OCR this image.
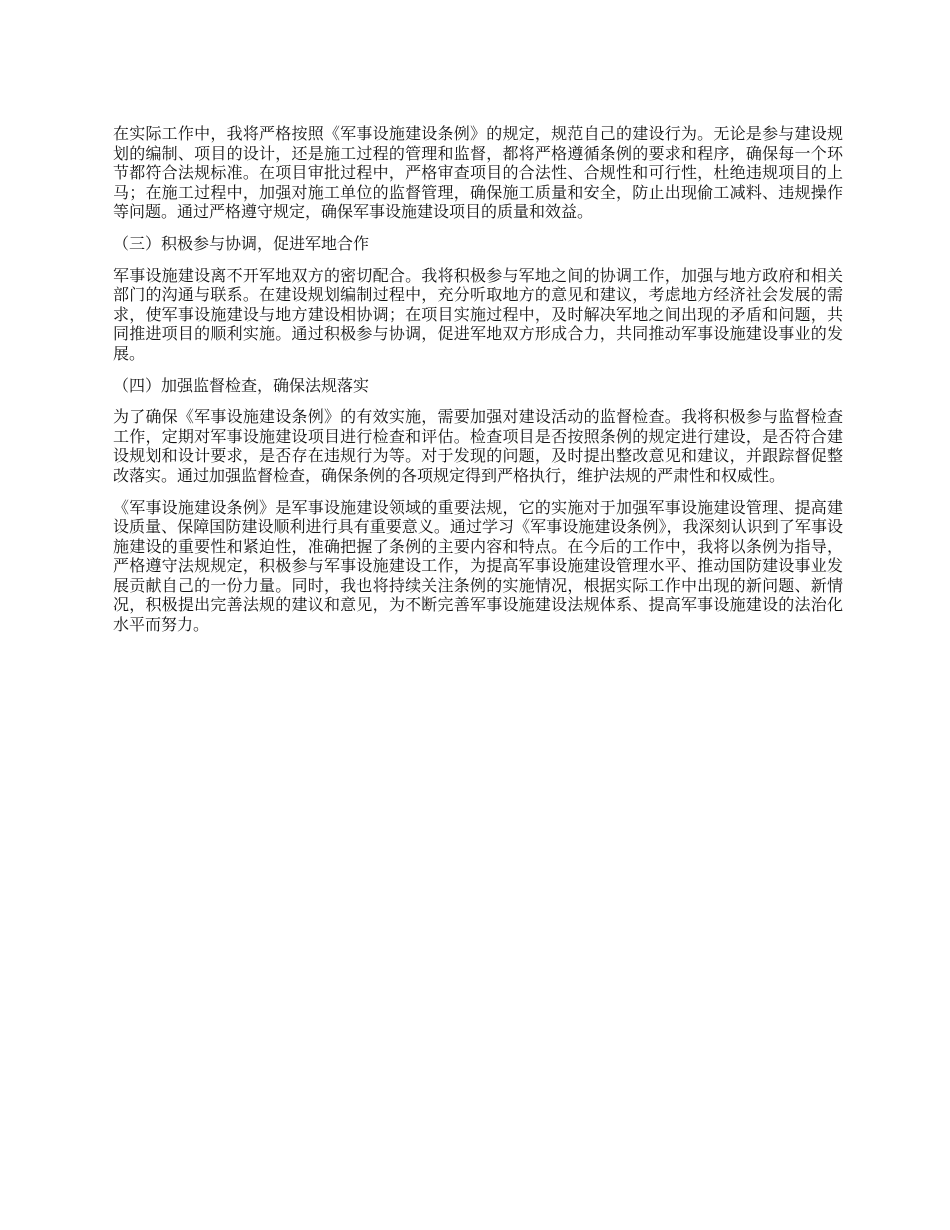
在实际工作中，我将严格按照《军事设施建设条例》的规定，规范自己的建设行为。无论是参与建设规划的编制、项目的设计，还是施工过程的管理和监督，都将严格遵循条例的要求和程序，确保每一个环节都符合法规标准。在项目审批过程中，严格审查项目的合法性、合规性和可行性，杜绝违规项目的上马；在施工过程中，加强对施工单位的监督管理，确保施工质量和安全，防止出现偷工减料、违规操作等问题。通过严格遵守规定，确保军事设施建设项目的质量和效益。

（三）积极参与协调，促进军地合作

军事设施建设离不开军地双方的密切配合。我将积极参与军地之间的协调工作，加强与地方政府和相关部门的沟通与联系。在建设规划编制过程中，充分听取地方的意见和建议，考虑地方经济社会发展的需求，使军事设施建设与地方建设相协调；在项目实施过程中，及时解决军地之间出现的矛盾和问题，共同推进项目的顺利实施。通过积极参与协调，促进军地双方形成合力，共同推动军事设施建设事业的发展。

（四）加强监督检查，确保法规落实

为了确保《军事设施建设条例》的有效实施，需要加强对建设活动的监督检查。我将积极参与监督检查工作，定期对军事设施建设项目进行检查和评估。检查项目是否按照条例的规定进行建设，是否符合建设规划和设计要求，是否存在违规行为等。对于发现的问题，及时提出整改意见和建议，并跟踪督促整改落实。通过加强监督检查，确保条例的各项规定得到严格执行，维护法规的严肃性和权威性。

《军事设施建设条例》是军事设施建设领域的重要法规，它的实施对于加强军事设施建设管理、提高建设质量、保障国防建设顺利进行具有重要意义。通过学习《军事设施建设条例》，我深刻认识到了军事设施建设的重要性和紧迫性，准确把握了条例的主要内容和特点。在今后的工作中，我将以条例为指导，严格遵守法规规定，积极参与军事设施建设工作，为提高军事设施建设管理水平、推动国防建设事业发展贡献自己的一份力量。同时，我也将持续关注条例的实施情况，根据实际工作中出现的新问题、新情况，积极提出完善法规的建议和意见，为不断完善军事设施建设法规体系、提高军事设施建设的法治化水平而努力。
